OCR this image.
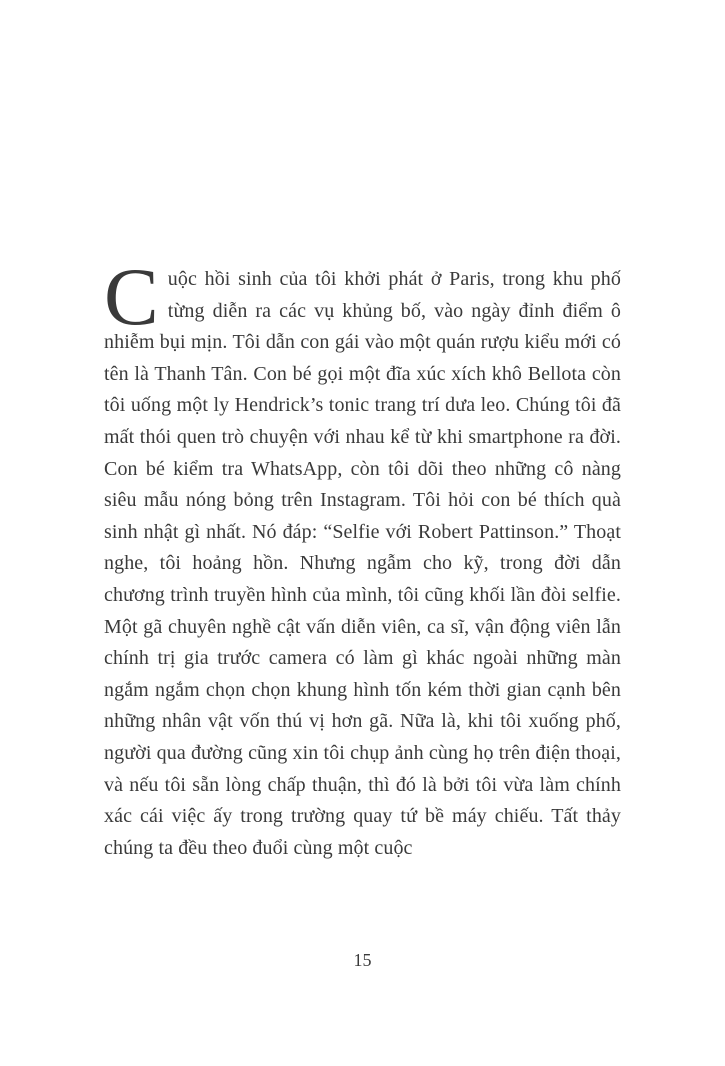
Cuộc hồi sinh của tôi khởi phát ở Paris, trong khu phố từng diễn ra các vụ khủng bố, vào ngày đỉnh điểm ô nhiễm bụi mịn. Tôi dẫn con gái vào một quán rượu kiểu mới có tên là Thanh Tân. Con bé gọi một đĩa xúc xích khô Bellota còn tôi uống một ly Hendrick’s tonic trang trí dưa leo. Chúng tôi đã mất thói quen trò chuyện với nhau kể từ khi smartphone ra đời. Con bé kiểm tra WhatsApp, còn tôi dõi theo những cô nàng siêu mẫu nóng bỏng trên Instagram. Tôi hỏi con bé thích quà sinh nhật gì nhất. Nó đáp: “Selfie với Robert Pattinson.” Thoạt nghe, tôi hoảng hồn. Nhưng ngẫm cho kỹ, trong đời dẫn chương trình truyền hình của mình, tôi cũng khối lần đòi selfie. Một gã chuyên nghề cật vấn diễn viên, ca sĩ, vận động viên lẫn chính trị gia trước camera có làm gì khác ngoài những màn ngắm ngắm chọn chọn khung hình tốn kém thời gian cạnh bên những nhân vật vốn thú vị hơn gã. Nữa là, khi tôi xuống phố, người qua đường cũng xin tôi chụp ảnh cùng họ trên điện thoại, và nếu tôi sẵn lòng chấp thuận, thì đó là bởi tôi vừa làm chính xác cái việc ấy trong trường quay tứ bề máy chiếu. Tất thảy chúng ta đều theo đuổi cùng một cuộc
15
